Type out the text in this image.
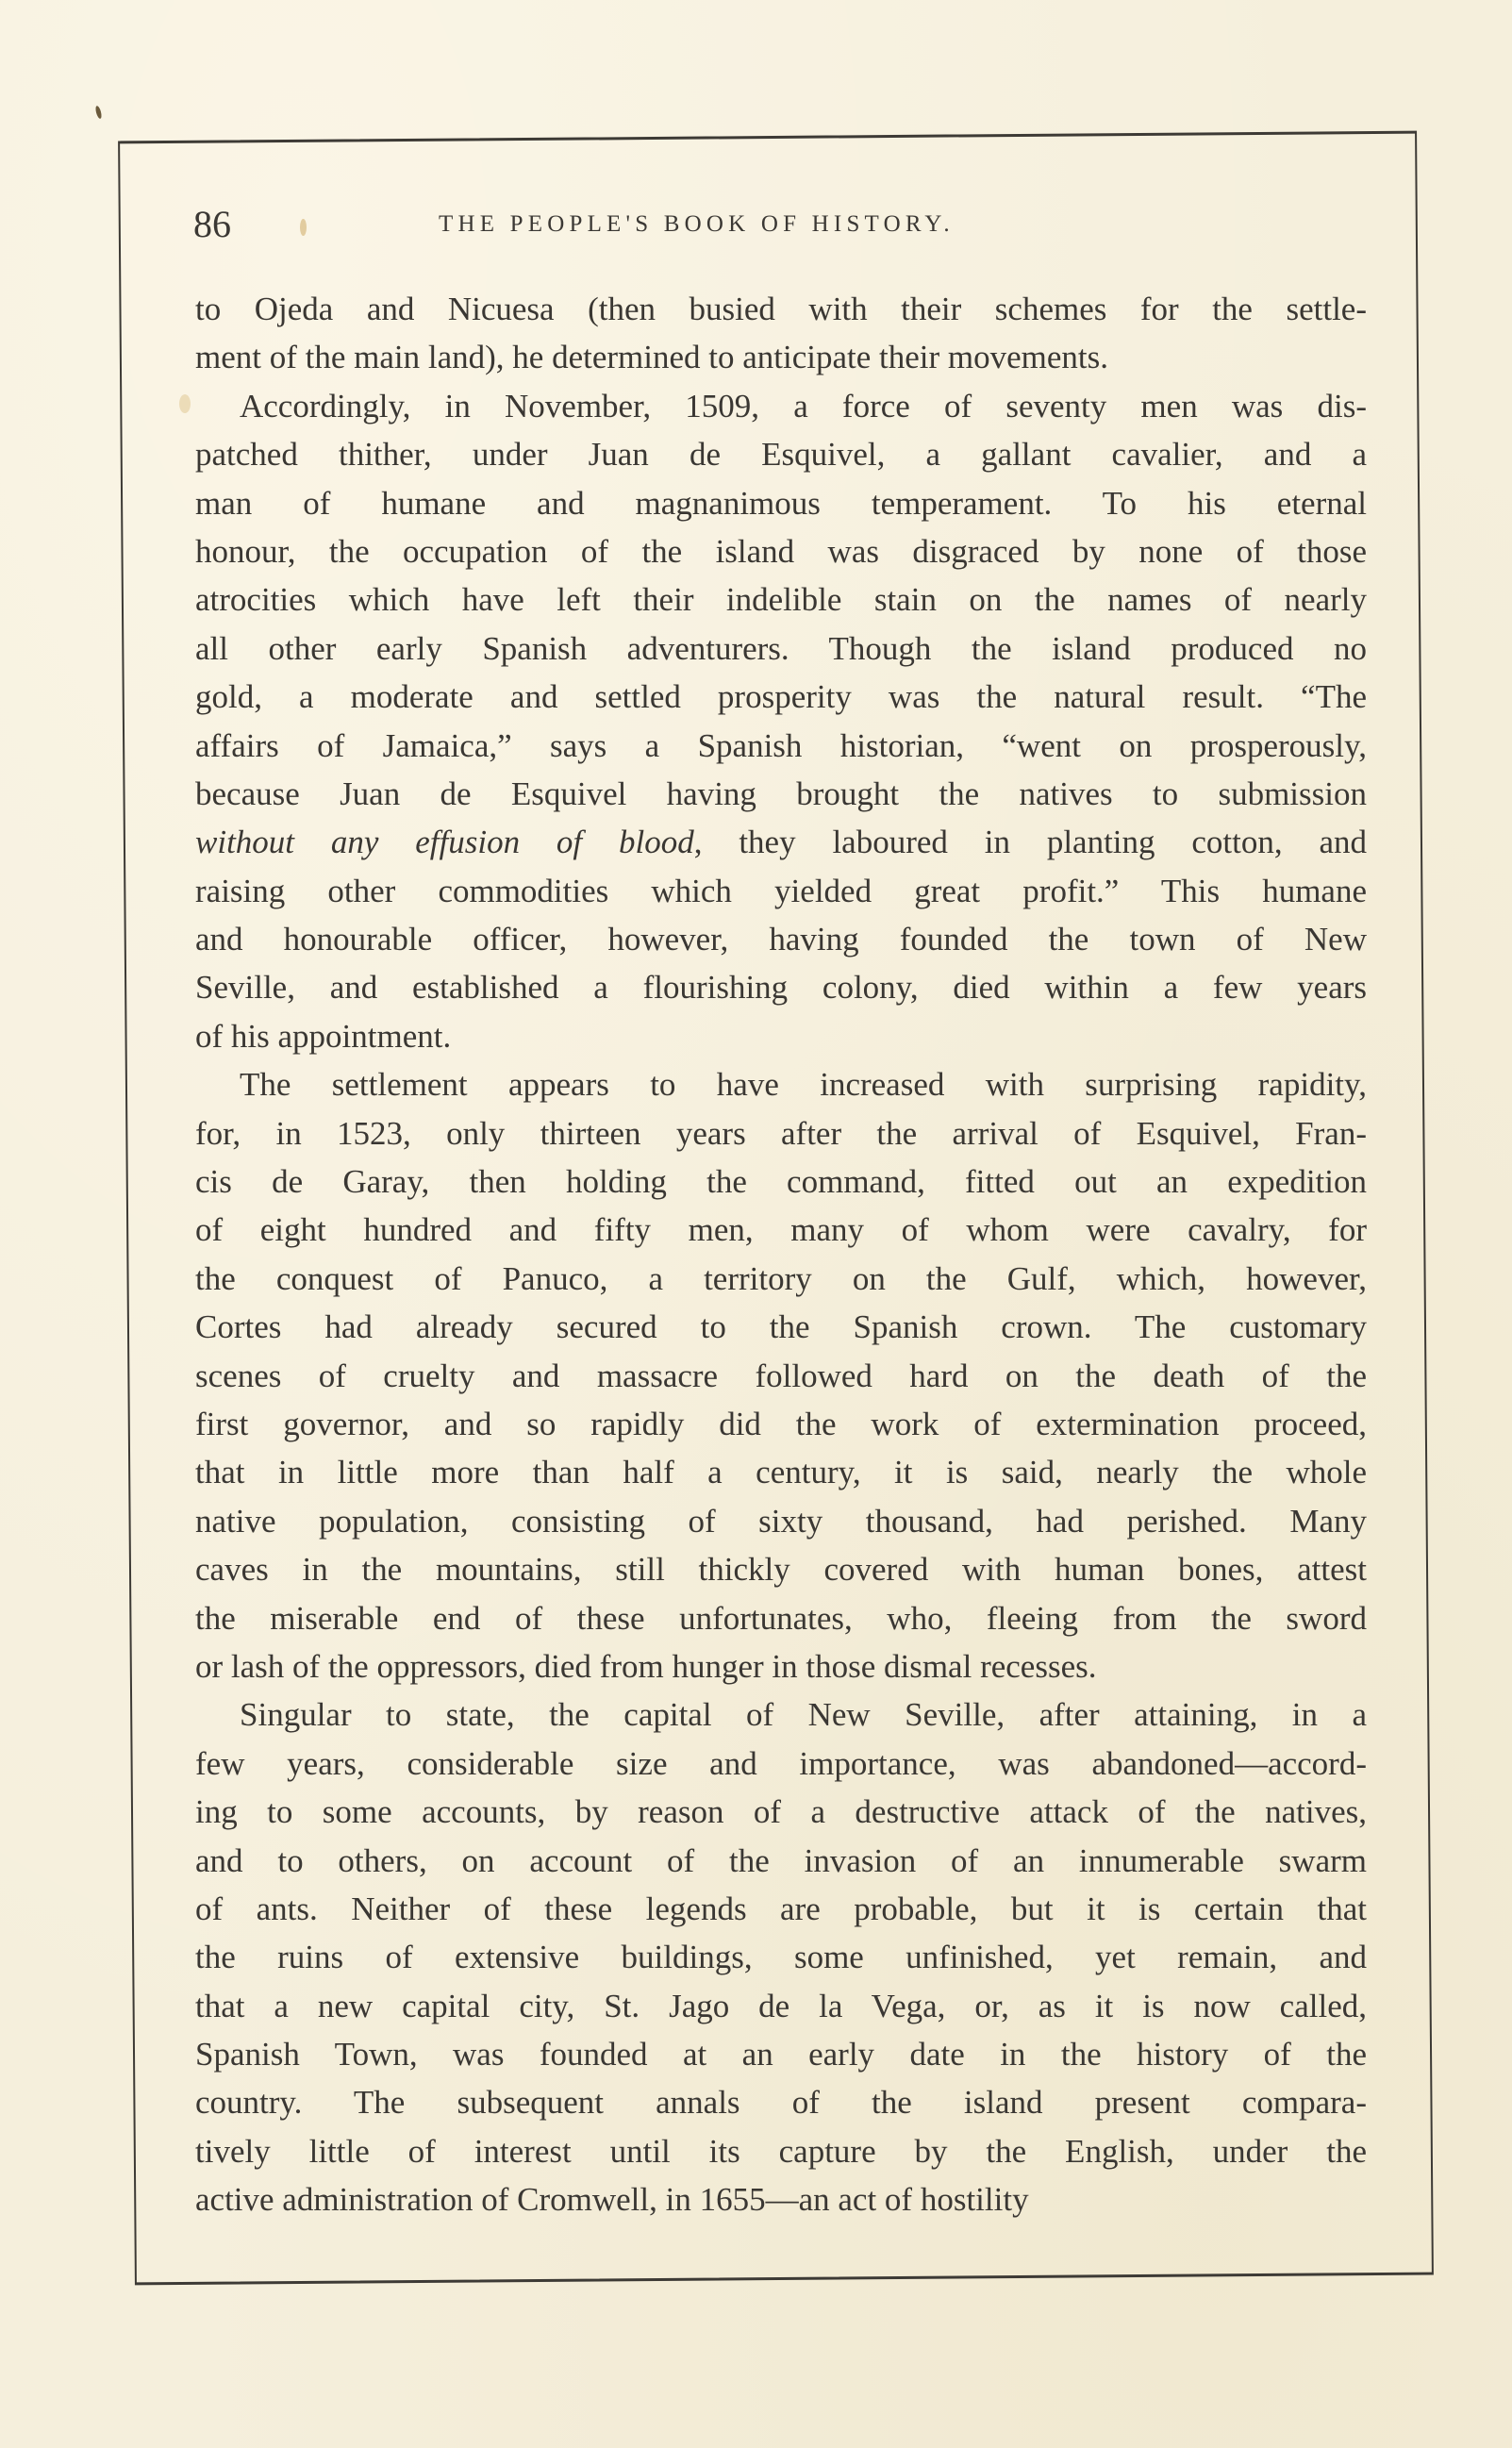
86	THE PEOPLE'S BOOK OF HISTORY.
to Ojeda and Nicuesa (then busied with their schemes for the settle-
ment of the main land), he determined to anticipate their movements.
Accordingly, in November, 1509, a force of seventy men was dis-
patched thither, under Juan de Esquivel, a gallant cavalier, and a
man of humane and magnanimous temperament. To his eternal
honour, the occupation of the island was disgraced by none of those
atrocities which have left their indelible stain on the names of nearly
all other early Spanish adventurers. Though the island produced no
gold, a moderate and settled prosperity was the natural result. “The
affairs of Jamaica,” says a Spanish historian, “went on prosperously,
because Juan de Esquivel having brought the natives to submission
without any effusion of blood, they laboured in planting cotton, and
raising other commodities which yielded great profit.” This humane
and honourable officer, however, having founded the town of New
Seville, and established a flourishing colony, died within a few years
of his appointment.
The settlement appears to have increased with surprising rapidity,
for, in 1523, only thirteen years after the arrival of Esquivel, Fran-
cis de Garay, then holding the command, fitted out an expedition
of eight hundred and fifty men, many of whom were cavalry, for
the conquest of Panuco, a territory on the Gulf, which, however,
Cortes had already secured to the Spanish crown. The customary
scenes of cruelty and massacre followed hard on the death of the
first governor, and so rapidly did the work of extermination proceed,
that in little more than half a century, it is said, nearly the whole
native population, consisting of sixty thousand, had perished. Many
caves in the mountains, still thickly covered with human bones, attest
the miserable end of these unfortunates, who, fleeing from the sword
or lash of the oppressors, died from hunger in those dismal recesses.
Singular to state, the capital of New Seville, after attaining, in a
few years, considerable size and importance, was abandoned—accord-
ing to some accounts, by reason of a destructive attack of the natives,
and to others, on account of the invasion of an innumerable swarm
of ants. Neither of these legends are probable, but it is certain that
the ruins of extensive buildings, some unfinished, yet remain, and
that a new capital city, St. Jago de la Vega, or, as it is now called,
Spanish Town, was founded at an early date in the history of the
country. The subsequent annals of the island present compara-
tively little of interest until its capture by the English, under the
active administration of Cromwell, in 1655—an act of hostility
